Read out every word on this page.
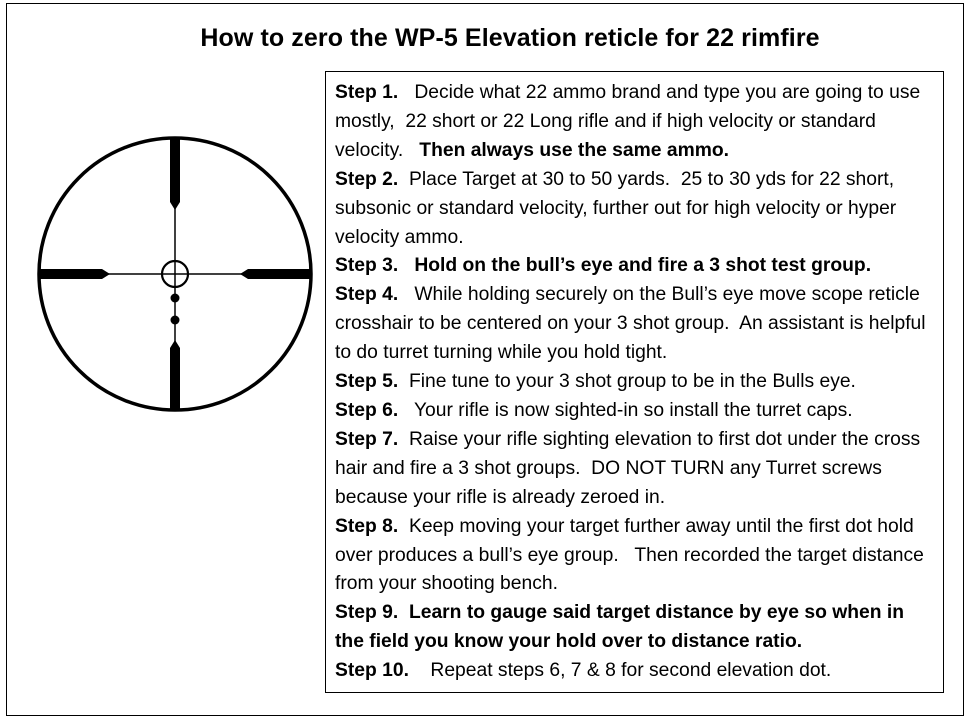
How to zero the WP-5 Elevation reticle for 22 rimfire

Step 1. Decide what 22 ammo brand and type you are going to use mostly,  22 short or 22 Long rifle and if high velocity or standard velocity. Then always use the same ammo.

Step 2. Place Target at 30 to 50 yards.  25 to 30 yds for 22 short, subsonic or standard velocity, further out for high velocity or hyper velocity ammo.

Step 3. Hold on the bull’s eye and fire a 3 shot test group.

Step 4. While holding securely on the Bull’s eye move scope reticle crosshair to be centered on your 3 shot group.  An assistant is helpful to do turret turning while you hold tight.

Step 5. Fine tune to your 3 shot group to be in the Bulls eye.

Step 6. Your rifle is now sighted-in so install the turret caps.

Step 7. Raise your rifle sighting elevation to first dot under the cross hair and fire a 3 shot groups.  DO NOT TURN any Turret screws because your rifle is already zeroed in.

Step 8. Keep moving your target further away until the first dot hold over produces a bull’s eye group.   Then recorded the target distance from your shooting bench.

Step 9. Learn to gauge said target distance by eye so when in the field you know your hold over to distance ratio.

Step 10. Repeat steps 6, 7 & 8 for second elevation dot.
